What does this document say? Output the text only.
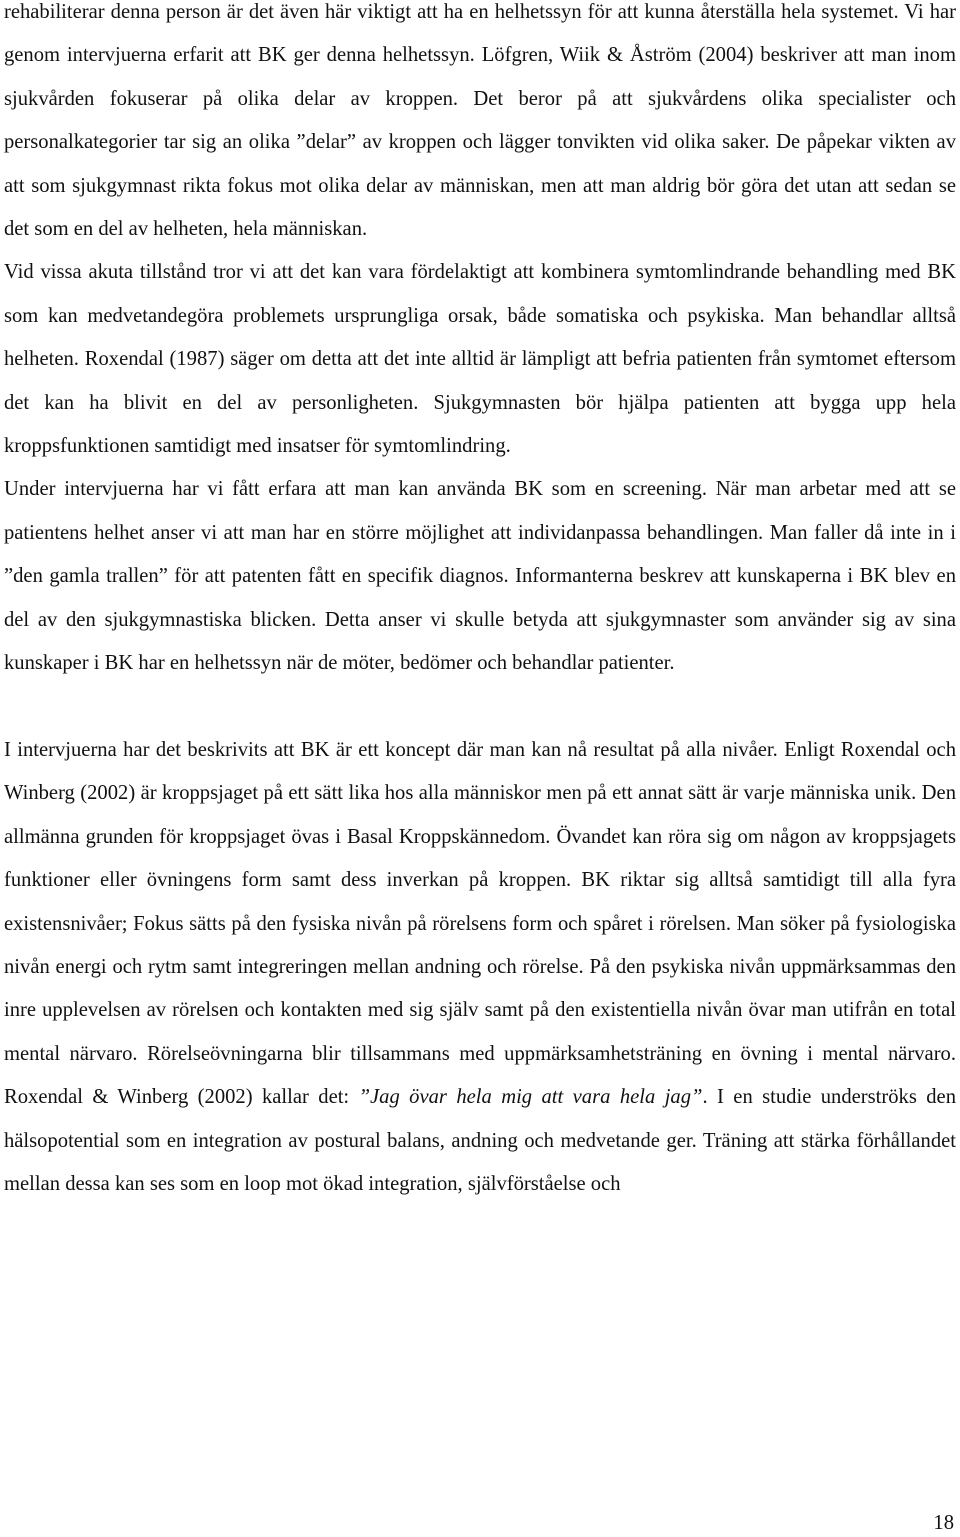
rehabiliterar denna person är det även här viktigt att ha en helhetssyn för att kunna återställa hela systemet. Vi har genom intervjuerna erfarit att BK ger denna helhetssyn. Löfgren, Wiik & Åström (2004) beskriver att man inom sjukvården fokuserar på olika delar av kroppen. Det beror på att sjukvårdens olika specialister och personalkategorier tar sig an olika ”delar” av kroppen och lägger tonvikten vid olika saker. De påpekar vikten av att som sjukgymnast rikta fokus mot olika delar av människan, men att man aldrig bör göra det utan att sedan se det som en del av helheten, hela människan.

Vid vissa akuta tillstånd tror vi att det kan vara fördelaktigt att kombinera symtomlindrande behandling med BK som kan medvetandegöra problemets ursprungliga orsak, både somatiska och psykiska. Man behandlar alltså helheten. Roxendal (1987) säger om detta att det inte alltid är lämpligt att befria patienten från symtomet eftersom det kan ha blivit en del av personligheten. Sjukgymnasten bör hjälpa patienten att bygga upp hela kroppsfunktionen samtidigt med insatser för symtomlindring.

Under intervjuerna har vi fått erfara att man kan använda BK som en screening. När man arbetar med att se patientens helhet anser vi att man har en större möjlighet att individanpassa behandlingen. Man faller då inte in i ”den gamla trallen” för att patenten fått en specifik diagnos. Informanterna beskrev att kunskaperna i BK blev en del av den sjukgymnastiska blicken. Detta anser vi skulle betyda att sjukgymnaster som använder sig av sina kunskaper i BK har en helhetssyn när de möter, bedömer och behandlar patienter.

I intervjuerna har det beskrivits att BK är ett koncept där man kan nå resultat på alla nivåer. Enligt Roxendal och Winberg (2002) är kroppsjaget på ett sätt lika hos alla människor men på ett annat sätt är varje människa unik. Den allmänna grunden för kroppsjaget övas i Basal Kroppskännedom. Övandet kan röra sig om någon av kroppsjagets funktioner eller övningens form samt dess inverkan på kroppen. BK riktar sig alltså samtidigt till alla fyra existensnivåer; Fokus sätts på den fysiska nivån på rörelsens form och spåret i rörelsen. Man söker på fysiologiska nivån energi och rytm samt integreringen mellan andning och rörelse. På den psykiska nivån uppmärksammas den inre upplevelsen av rörelsen och kontakten med sig själv samt på den existentiella nivån övar man utifrån en total mental närvaro. Rörelseövningarna blir tillsammans med uppmärksamhetsträning en övning i mental närvaro. Roxendal & Winberg (2002) kallar det: ”Jag övar hela mig att vara hela jag”. I en studie underströks den hälsopotential som en integration av postural balans, andning och medvetande ger. Träning att stärka förhållandet mellan dessa kan ses som en loop mot ökad integration, självförståelse och

18
